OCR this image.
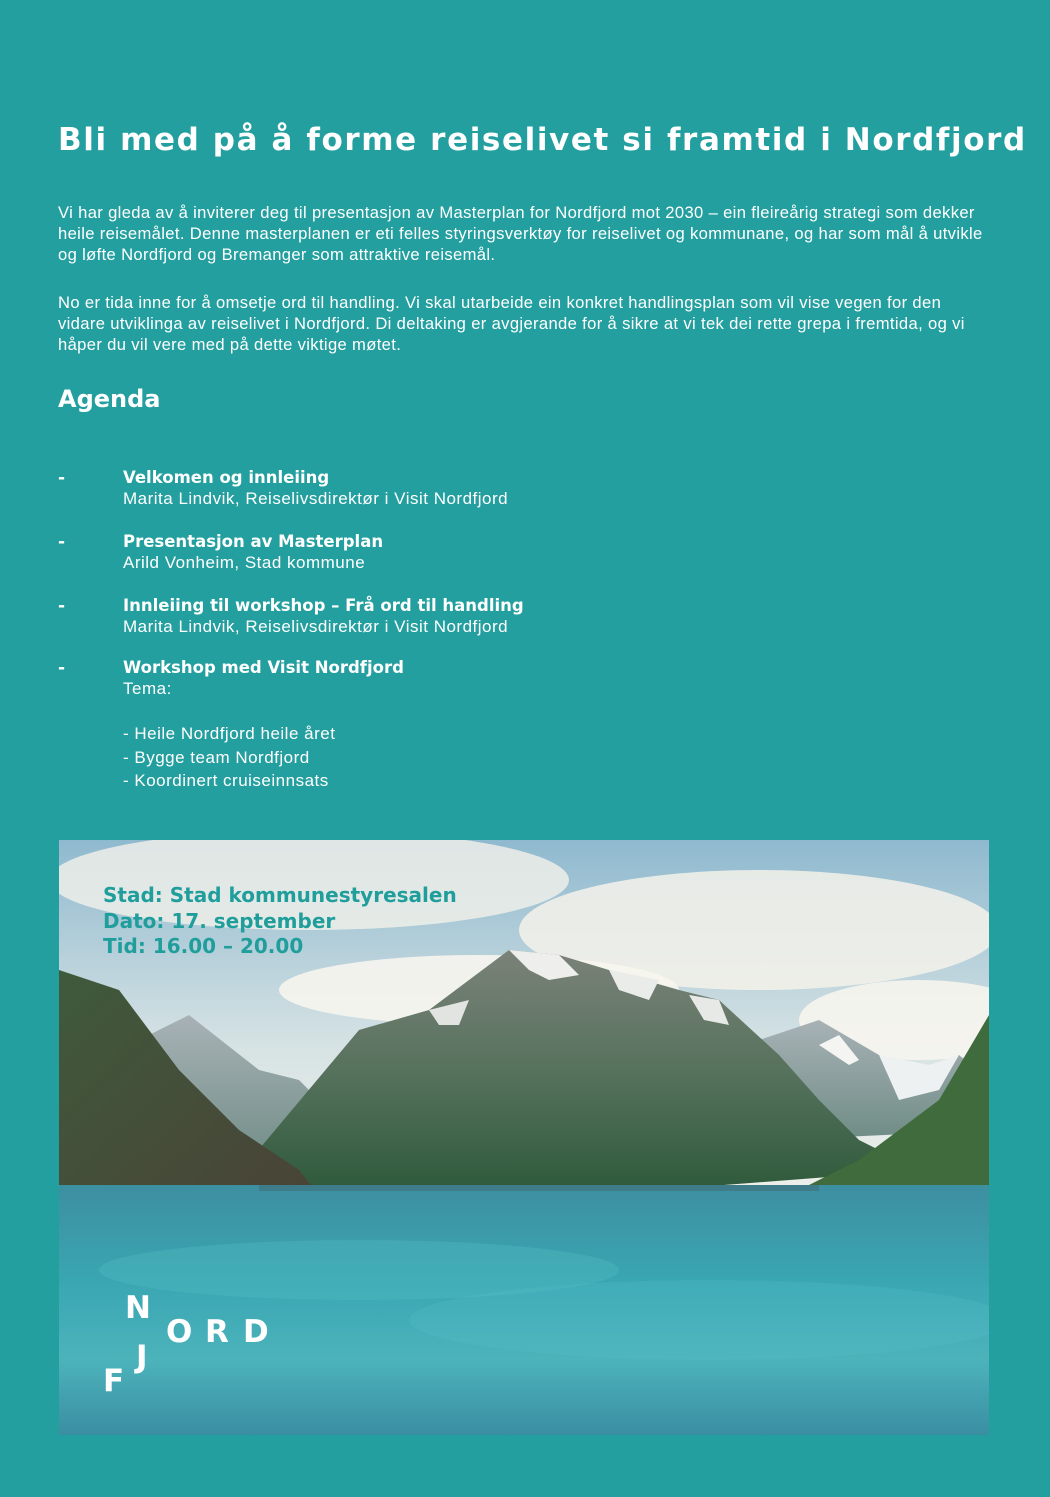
Bli med på å forme reiselivet si framtid i Nordfjord

Vi har gleda av å inviterer deg til presentasjon av Masterplan for Nordfjord mot 2030 – ein fleireårig strategi som dekker heile reisemålet. Denne masterplanen er eti felles styringsverktøy for reiselivet og kommunane, og har som mål å utvikle og løfte Nordfjord og Bremanger som attraktive reisemål.

No er tida inne for å omsetje ord til handling. Vi skal utarbeide ein konkret handlingsplan som vil vise vegen for den vidare utviklinga av reiselivet i Nordfjord. Di deltaking er avgjerande for å sikre at vi tek dei rette grepa i fremtida, og vi håper du vil vere med på dette viktige møtet.

Agenda
-	Velkomen og innleiing
Marita Lindvik, Reiselivsdirektør i Visit Nordfjord
-	Presentasjon av Masterplan
Arild Vonheim, Stad kommune
-	Innleiing til workshop – Frå ord til handling
Marita Lindvik, Reiselivsdirektør i Visit Nordfjord
-	Workshop med Visit Nordfjord
Tema:
- Heile Nordfjord heile året
- Bygge team Nordfjord
- Koordinert cruiseinnsats
Stad: Stad kommunestyresalen
Dato: 17. september
Tid: 16.00 – 20.00
N
O R D
F
J
